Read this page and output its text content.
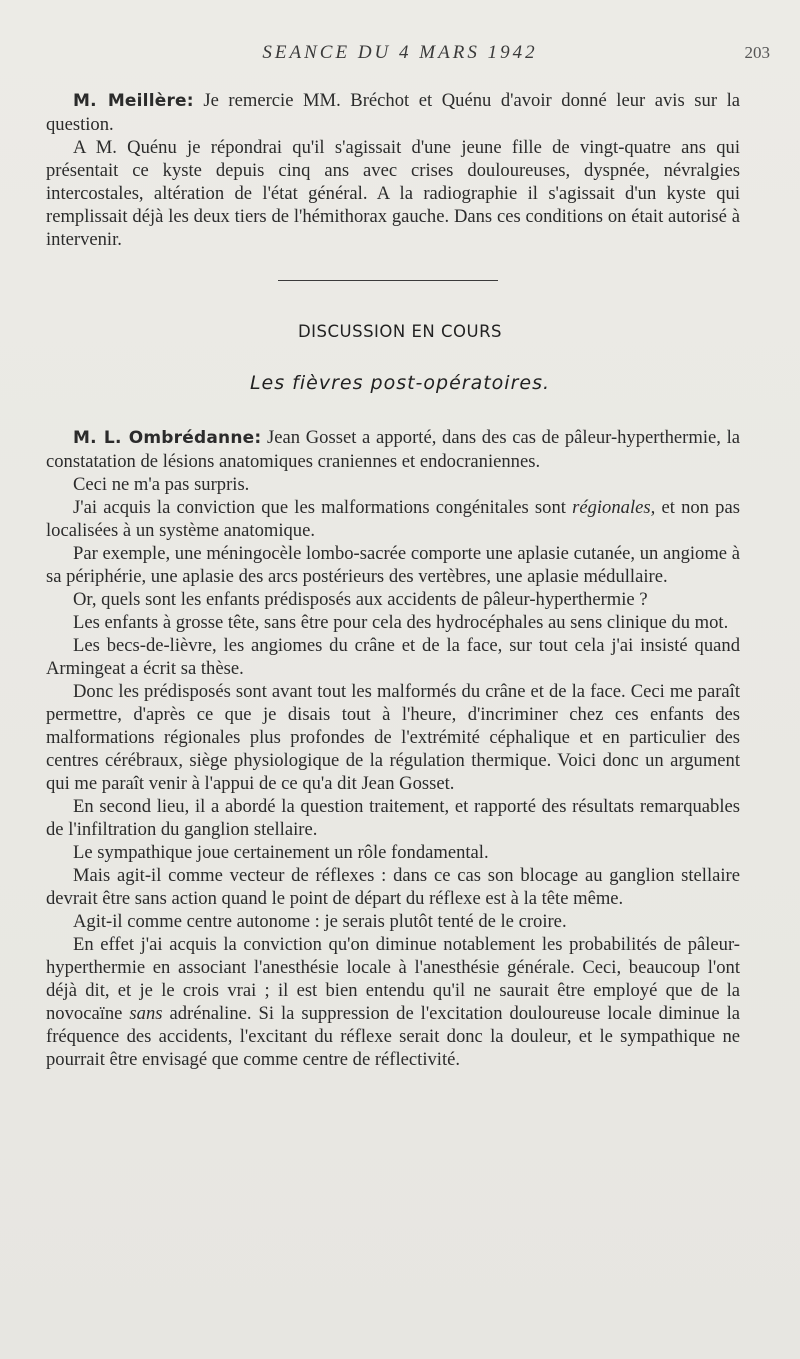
SEANCE DU 4 MARS 1942	203

M. Meillère: Je remercie MM. Bréchot et Quénu d'avoir donné leur avis sur la question.

A M. Quénu je répondrai qu'il s'agissait d'une jeune fille de vingt-quatre ans qui présentait ce kyste depuis cinq ans avec crises douloureuses, dyspnée, névralgies intercostales, altération de l'état général. A la radiographie il s'agissait d'un kyste qui remplissait déjà les deux tiers de l'hémithorax gauche. Dans ces conditions on était autorisé à intervenir.

DISCUSSION EN COURS
Les fièvres post-opératoires.

M. L. Ombrédanne: Jean Gosset a apporté, dans des cas de pâleur-hyperthermie, la constatation de lésions anatomiques craniennes et endocraniennes.

Ceci ne m'a pas surpris.

J'ai acquis la conviction que les malformations congénitales sont régionales, et non pas localisées à un système anatomique.

Par exemple, une méningocèle lombo-sacrée comporte une aplasie cutanée, un angiome à sa périphérie, une aplasie des arcs postérieurs des vertèbres, une aplasie médullaire.

Or, quels sont les enfants prédisposés aux accidents de pâleur-hyperthermie ?

Les enfants à grosse tête, sans être pour cela des hydrocéphales au sens clinique du mot.

Les becs-de-lièvre, les angiomes du crâne et de la face, sur tout cela j'ai insisté quand Armingeat a écrit sa thèse.

Donc les prédisposés sont avant tout les malformés du crâne et de la face. Ceci me paraît permettre, d'après ce que je disais tout à l'heure, d'incriminer chez ces enfants des malformations régionales plus profondes de l'extrémité céphalique et en particulier des centres cérébraux, siège physiologique de la régulation thermique. Voici donc un argument qui me paraît venir à l'appui de ce qu'a dit Jean Gosset.

En second lieu, il a abordé la question traitement, et rapporté des résultats remarquables de l'infiltration du ganglion stellaire.

Le sympathique joue certainement un rôle fondamental.

Mais agit-il comme vecteur de réflexes : dans ce cas son blocage au ganglion stellaire devrait être sans action quand le point de départ du réflexe est à la tête même.

Agit-il comme centre autonome : je serais plutôt tenté de le croire.

En effet j'ai acquis la conviction qu'on diminue notablement les probabilités de pâleur-hyperthermie en associant l'anesthésie locale à l'anesthésie générale. Ceci, beaucoup l'ont déjà dit, et je le crois vrai ; il est bien entendu qu'il ne saurait être employé que de la novocaïne sans adrénaline. Si la suppression de l'excitation douloureuse locale diminue la fréquence des accidents, l'excitant du réflexe serait donc la douleur, et le sympathique ne pourrait être envisagé que comme centre de réflectivité.
